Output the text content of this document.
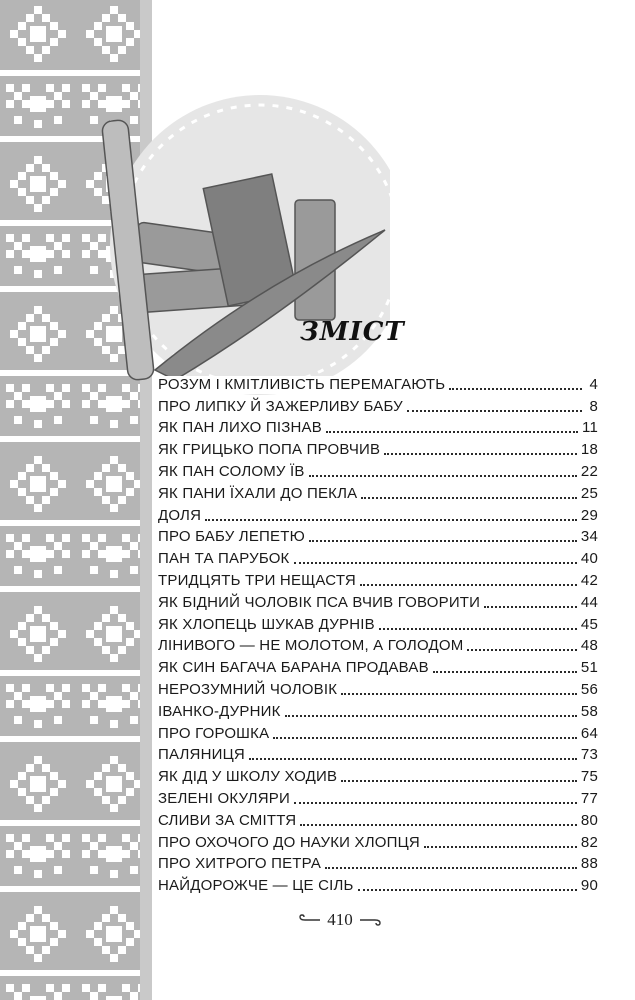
ЗМІСТ
РОЗУМ І КМІТЛИВІСТЬ ПЕРЕМАГАЮТЬ	4
ПРО ЛИПКУ Й ЗАЖЕРЛИВУ БАБУ	8
ЯК ПАН ЛИХО ПІЗНАВ	11
ЯК ГРИЦЬКО ПОПА ПРОВЧИВ	18
ЯК ПАН СОЛОМУ ЇВ	22
ЯК ПАНИ ЇХАЛИ ДО ПЕКЛА	25
ДОЛЯ	29
ПРО БАБУ ЛЕПЕТЮ	34
ПАН ТА ПАРУБОК	40
ТРИДЦЯТЬ ТРИ НЕЩАСТЯ	42
ЯК БІДНИЙ ЧОЛОВІК ПСА ВЧИВ ГОВОРИТИ	44
ЯК ХЛОПЕЦЬ ШУКАВ ДУРНІВ	45
ЛІНИВОГО — НЕ МОЛОТОМ, А ГОЛОДОМ	48
ЯК СИН БАГАЧА БАРАНА ПРОДАВАВ	51
НЕРОЗУМНИЙ ЧОЛОВІК	56
ІВАНКО-ДУРНИК	58
ПРО ГОРОШКА	64
ПАЛЯНИЦЯ	73
ЯК ДІД У ШКОЛУ ХОДИВ	75
ЗЕЛЕНІ ОКУЛЯРИ	77
СЛИВИ ЗА СМІТТЯ	80
ПРО ОХОЧОГО ДО НАУКИ ХЛОПЦЯ	82
ПРО ХИТРОГО ПЕТРА	88
НАЙДОРОЖЧЕ — ЦЕ СІЛЬ	90
410
